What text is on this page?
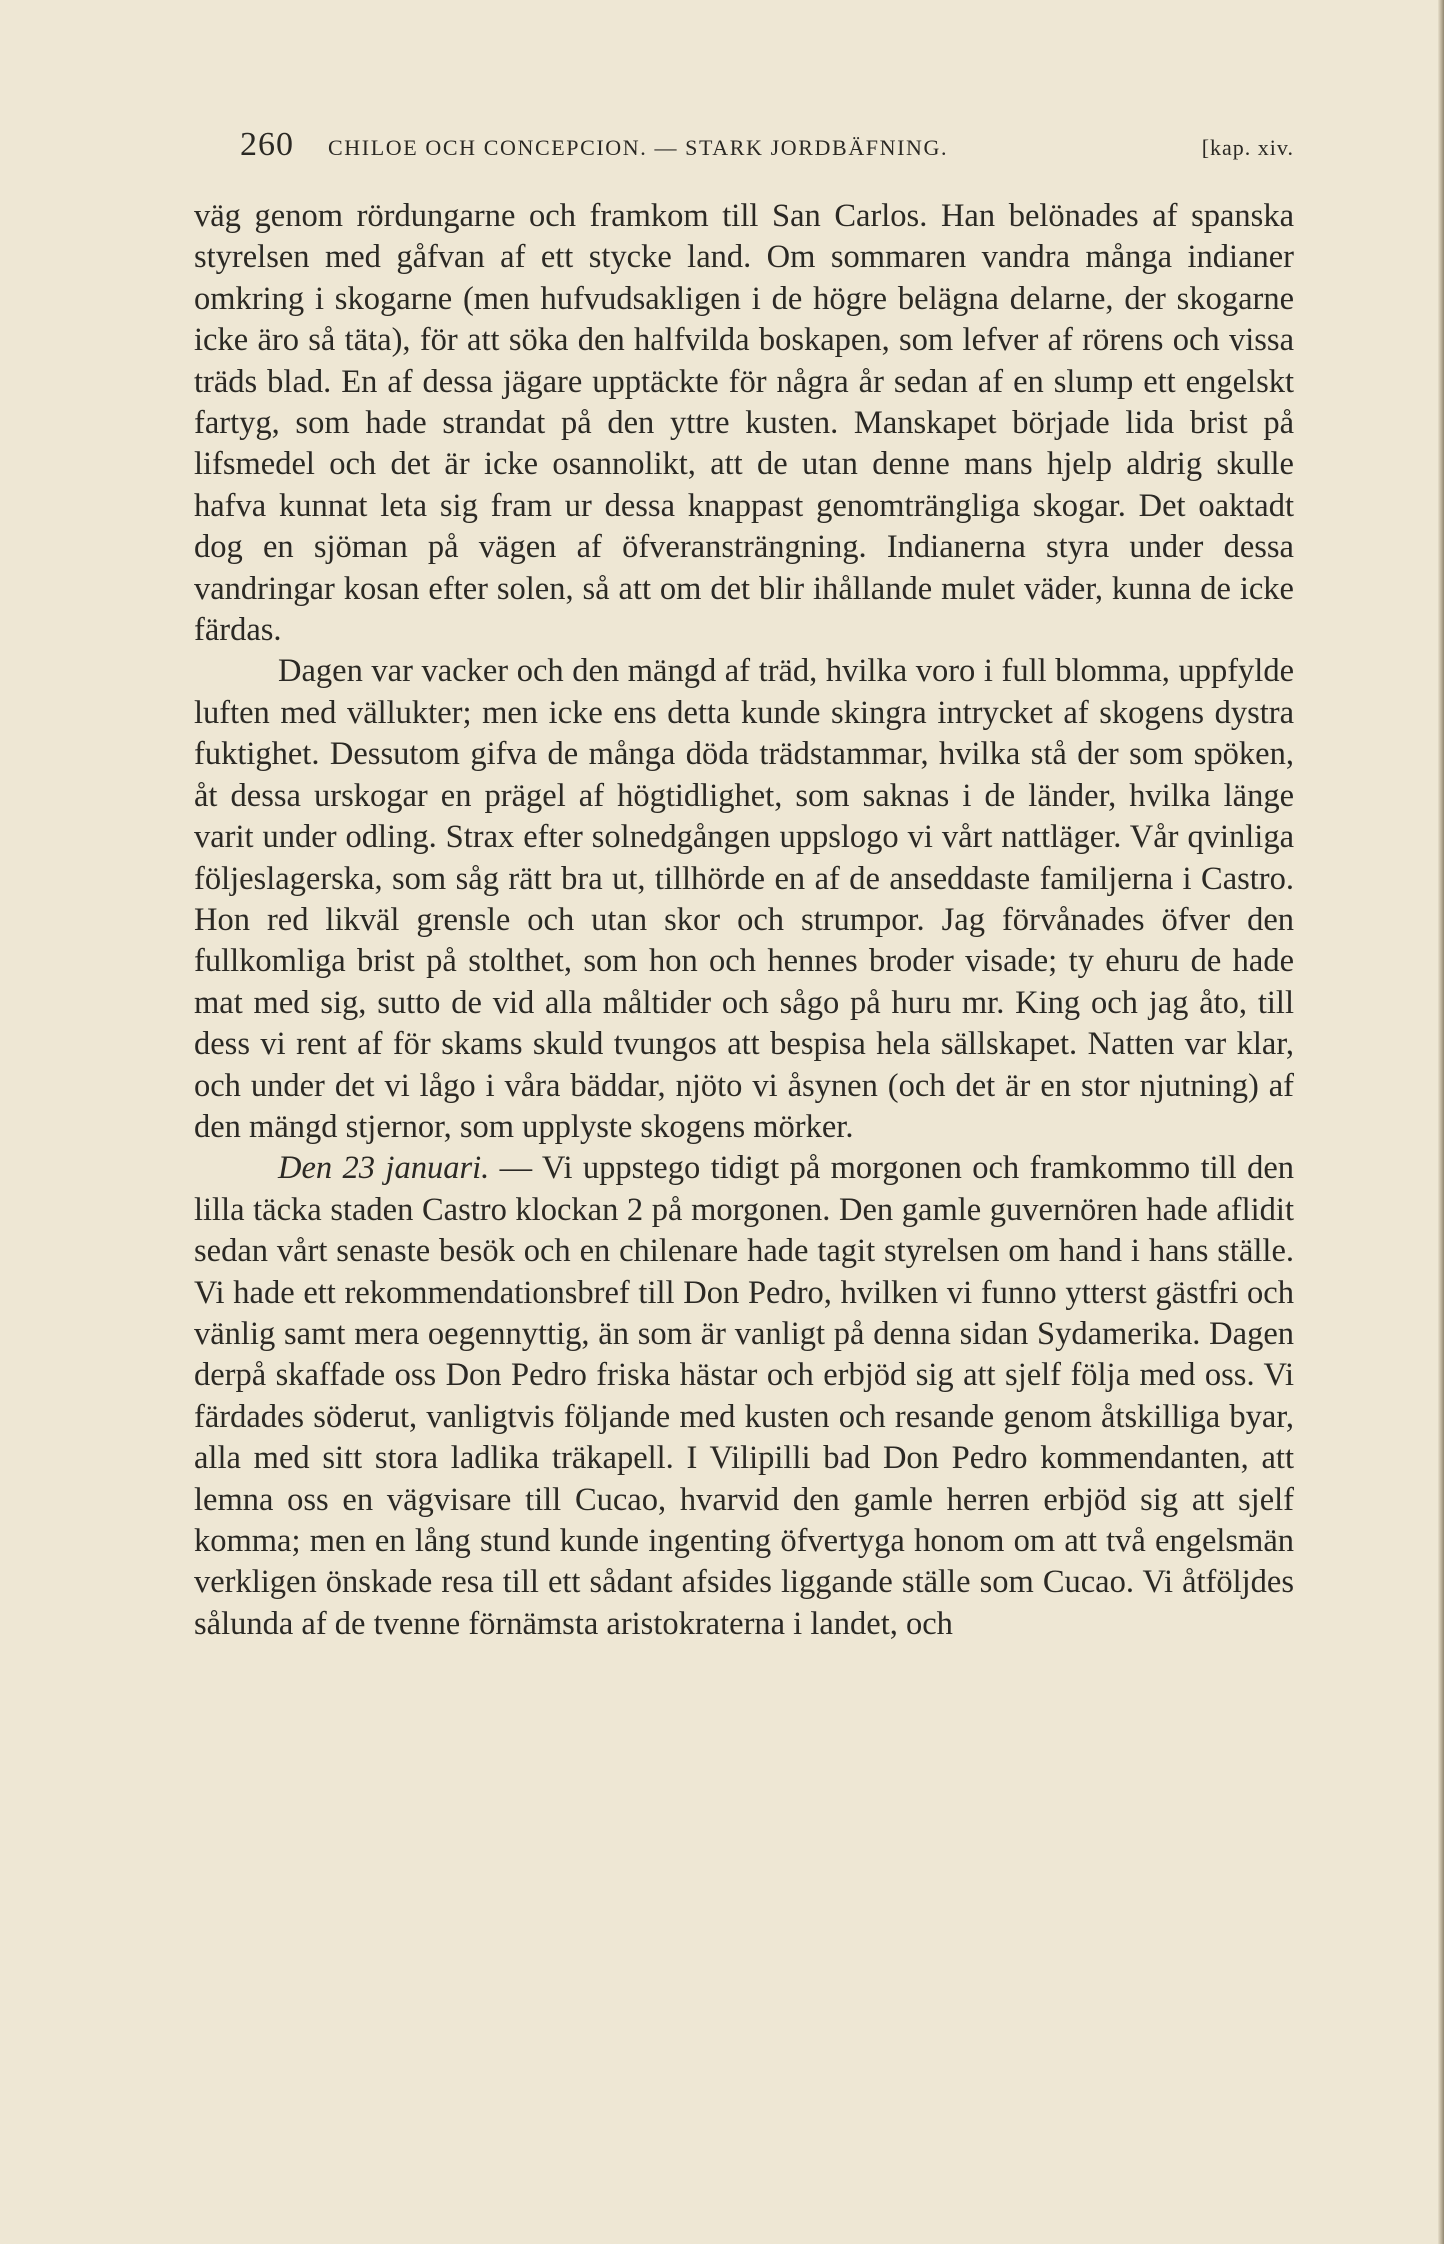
260 CHILOE OCH CONCEPCION. — STARK JORDBÄFNING.	[kap. xiv.

väg genom rördungarne och framkom till San Carlos. Han belönades af spanska styrelsen med gåfvan af ett stycke land. Om sommaren vandra många indianer omkring i skogarne (men hufvudsakligen i de högre belägna delarne, der skogarne icke äro så täta), för att söka den halfvilda boskapen, som lefver af rörens och vissa träds blad. En af dessa jägare upptäckte för några år sedan af en slump ett engelskt fartyg, som hade strandat på den yttre kusten. Manskapet började lida brist på lifsmedel och det är icke osannolikt, att de utan denne mans hjelp aldrig skulle hafva kunnat leta sig fram ur dessa knappast genomträngliga skogar. Det oaktadt dog en sjöman på vägen af öfveransträngning. Indianerna styra under dessa vandringar kosan efter solen, så att om det blir ihållande mulet väder, kunna de icke färdas.

Dagen var vacker och den mängd af träd, hvilka voro i full blomma, uppfylde luften med vällukter; men icke ens detta kunde skingra intrycket af skogens dystra fuktighet. Dessutom gifva de många döda trädstammar, hvilka stå der som spöken, åt dessa urskogar en prägel af högtidlighet, som saknas i de länder, hvilka länge varit under odling. Strax efter solnedgången uppslogo vi vårt nattläger. Vår qvinliga följeslagerska, som såg rätt bra ut, tillhörde en af de anseddaste familjerna i Castro. Hon red likväl grensle och utan skor och strumpor. Jag förvånades öfver den fullkomliga brist på stolthet, som hon och hennes broder visade; ty ehuru de hade mat med sig, sutto de vid alla måltider och sågo på huru mr. King och jag åto, till dess vi rent af för skams skuld tvungos att bespisa hela sällskapet. Natten var klar, och under det vi lågo i våra bäddar, njöto vi åsynen (och det är en stor njutning) af den mängd stjernor, som upplyste skogens mörker.

Den 23 januari. — Vi uppstego tidigt på morgonen och framkommo till den lilla täcka staden Castro klockan 2 på morgonen. Den gamle guvernören hade aflidit sedan vårt senaste besök och en chilenare hade tagit styrelsen om hand i hans ställe. Vi hade ett rekommendationsbref till Don Pedro, hvilken vi funno ytterst gästfri och vänlig samt mera oegennyttig, än som är vanligt på denna sidan Sydamerika. Dagen derpå skaffade oss Don Pedro friska hästar och erbjöd sig att sjelf följa med oss. Vi färdades söderut, vanligtvis följande med kusten och resande genom åtskilliga byar, alla med sitt stora ladlika träkapell. I Vilipilli bad Don Pedro kommendanten, att lemna oss en vägvisare till Cucao, hvarvid den gamle herren erbjöd sig att sjelf komma; men en lång stund kunde ingenting öfvertyga honom om att två engelsmän verkligen önskade resa till ett sådant afsides liggande ställe som Cucao. Vi åtföljdes sålunda af de tvenne förnämsta aristokraterna i landet, och
